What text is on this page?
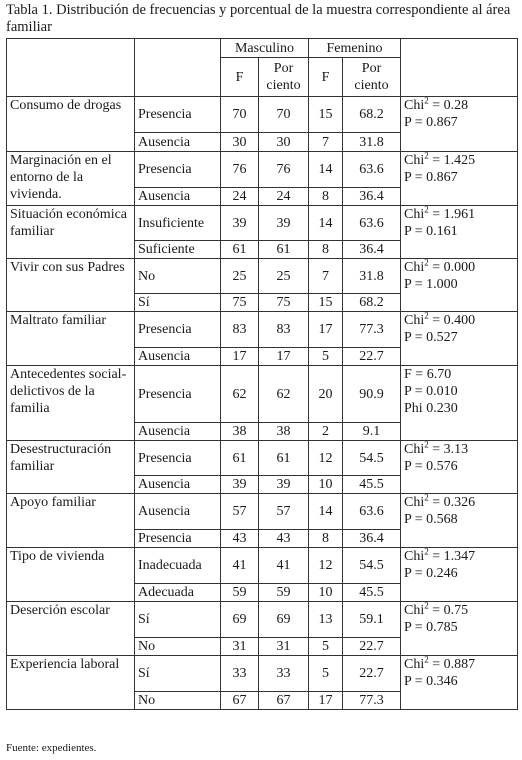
Tabla 1. Distribución de frecuencias y porcentual de la muestra correspondiente al área familiar
		Masculino		Femenino		
		F	Por ciento	F	Por ciento	
Consumo de drogas	Presencia	70	70	15	68.2	Chi$^2$ = 0.28
P = 0.867

	Ausencia	30	30	7	31.8	
Marginación en el entorno de la vivienda.	Presencia	76	76	14	63.6	Chi$^2$ = 1.425
P = 0.867

	Ausencia	24	24	8	36.4	
Situación económica familiar	Insuficiente	39	39	14	63.6	Chi$^2$ = 1.961
P = 0.161

	Suficiente	61	61	8	36.4	
Vivir con sus Padres	No	25	25	7	31.8	Chi$^2$ = 0.000
P = 1.000

	Sí	75	75	15	68.2	
Maltrato familiar	Presencia	83	83	17	77.3	Chi$^2$ = 0.400
P = 0.527

	Ausencia	17	17	5	22.7	
Antecedentes social-delictivos de la familia	Presencia	62	62	20	90.9	F = 6.70
P = 0.010
Phi 0.230

	Ausencia	38	38	2	9.1	
Desestructuración familiar	Presencia	61	61	12	54.5	Chi$^2$ = 3.13
P = 0.576

	Ausencia	39	39	10	45.5	
Apoyo familiar	Ausencia	57	57	14	63.6	Chi$^2$ = 0.326
P = 0.568

	Presencia	43	43	8	36.4	
Tipo de vivienda	Inadecuada	41	41	12	54.5	Chi$^2$ = 1.347
P = 0.246

	Adecuada	59	59	10	45.5	
Deserción escolar	Sí	69	69	13	59.1	Chi$^2$ = 0.75
P = 0.785

	No	31	31	5	22.7	
Experiencia laboral	Sí	33	33	5	22.7	Chi$^2$ = 0.887
P = 0.346

	No	67	67	17	77.3	
Fuente: expedientes.
